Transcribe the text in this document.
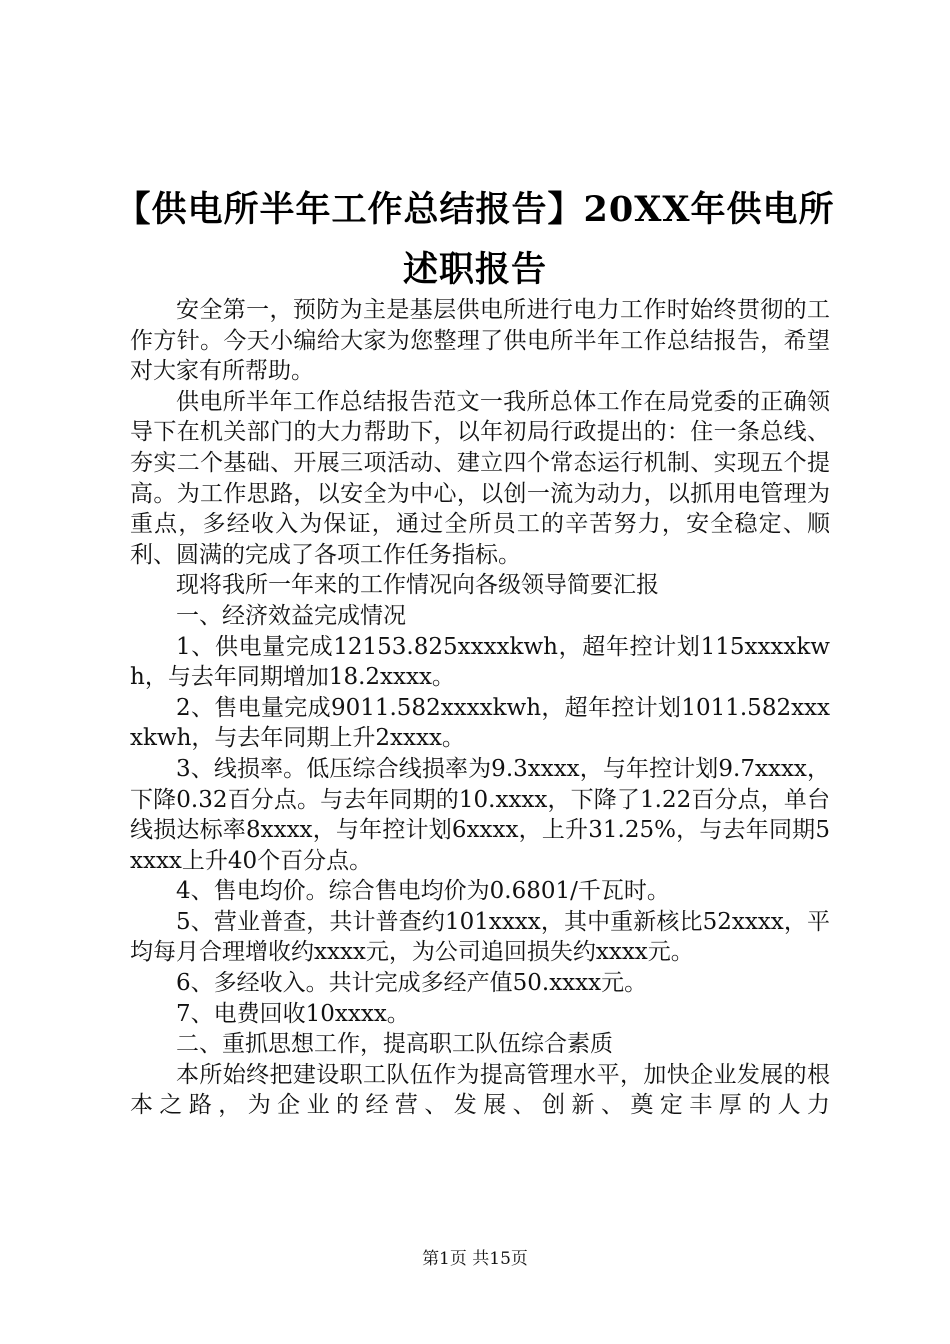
【供电所半年工作总结报告】20XX年供电所
述职报告

安全第一，预防为主是基层供电所进行电力工作时始终贯彻的工作方针。今天小编给大家为您整理了供电所半年工作总结报告，希望对大家有所帮助。

供电所半年工作总结报告范文一我所总体工作在局党委的正确领导下在机关部门的大力帮助下，以年初局行政提出的：住一条总线、夯实二个基础、开展三项活动、建立四个常态运行机制、实现五个提高。为工作思路，以安全为中心，以创一流为动力，以抓用电管理为重点，多经收入为保证，通过全所员工的辛苦努力，安全稳定、顺利、圆满的完成了各项工作任务指标。

现将我所一年来的工作情况向各级领导简要汇报

一、经济效益完成情况

1、供电量完成12153.825xxxxkwh，超年控计划115xxxxkwh，与去年同期增加18.2xxxx。

2、售电量完成9011.582xxxxkwh，超年控计划1011.582xxxxkwh，与去年同期上升2xxxx。

3、线损率。低压综合线损率为9.3xxxx，与年控计划9.7xxxx，下降0.32百分点。与去年同期的10.xxxx，下降了1.22百分点，单台线损达标率8xxxx，与年控计划6xxxx，上升31.25%，与去年同期5xxxx上升40个百分点。

4、售电均价。综合售电均价为0.6801/千瓦时。

5、营业普查，共计普查约101xxxx，其中重新核比52xxxx，平均每月合理增收约xxxx元，为公司追回损失约xxxx元。

6、多经收入。共计完成多经产值50.xxxx元。

7、电费回收10xxxx。

二、重抓思想工作，提高职工队伍综合素质

本所始终把建设职工队伍作为提高管理水平，加快企业发展的根本之路，为企业的经营、发展、创新、奠定丰厚的人力

第1页 共15页
